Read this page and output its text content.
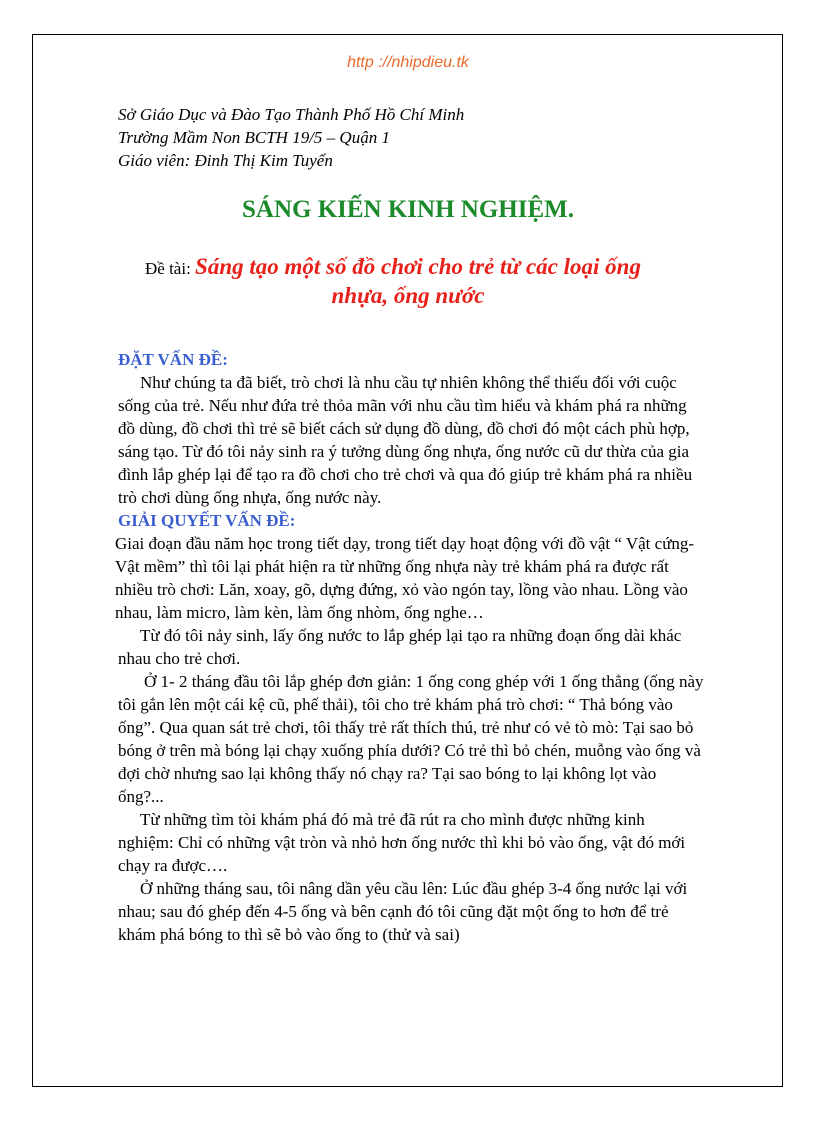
http ://nhipdieu.tk
Sở Giáo Dục và Đào Tạo Thành Phố Hồ Chí Minh
Trường Mầm Non BCTH 19/5 – Quận 1
Giáo viên: Đinh Thị Kim Tuyến
SÁNG KIẾN KINH NGHIỆM.
Đề tài: Sáng tạo một số đồ chơi cho trẻ từ các loại ống
nhựa, ống nước
ĐẶT VẤN ĐỀ:

Như chúng ta đã biết, trò chơi là nhu cầu tự nhiên không thể thiếu đối với cuộc sống của trẻ. Nếu như đứa trẻ thỏa mãn với nhu cầu tìm hiểu và khám phá ra những đồ dùng, đồ chơi thì trẻ sẽ biết cách sử dụng đồ dùng, đồ chơi đó một cách phù hợp, sáng tạo. Từ đó tôi nảy sinh ra ý tưởng dùng ống nhựa, ống nước cũ dư thừa của gia đình lắp ghép lại để tạo ra đồ chơi cho trẻ chơi và qua đó giúp trẻ khám phá ra nhiều trò chơi dùng ống nhựa, ống nước này.

GIẢI QUYẾT VẤN ĐỀ:

Giai đoạn đầu năm học trong tiết dạy, trong tiết dạy hoạt động với đồ vật “ Vật cứng- Vật mềm” thì tôi lại phát hiện ra từ những ống nhựa này trẻ khám phá ra được rất nhiều trò chơi: Lăn, xoay, gõ, dựng đứng, xỏ vào ngón tay, lồng vào nhau. Lồng vào nhau, làm micro, làm kèn, làm ống nhòm, ống nghe…

Từ đó tôi nảy sinh, lấy ống nước to lắp ghép lại tạo ra những đoạn ống dài khác nhau cho trẻ chơi.

Ở 1- 2 tháng đầu tôi lắp ghép đơn giản: 1 ống cong ghép với 1 ống thẳng (ống này tôi gắn lên một cái kệ cũ, phế thải), tôi cho trẻ khám phá trò chơi: “ Thả bóng vào ống”. Qua quan sát trẻ chơi, tôi thấy trẻ rất thích thú, trẻ như có vẻ tò mò: Tại sao bỏ bóng ở trên mà bóng lại chạy xuống phía dưới? Có trẻ thì bỏ chén, muỗng vào ống và đợi chờ nhưng sao lại không thấy nó chạy ra? Tại sao bóng to lại không lọt vào ống?...

Từ những tìm tòi khám phá đó mà trẻ đã rút ra cho mình được những kinh nghiệm: Chỉ có những vật tròn và nhỏ hơn ống nước thì khi bỏ vào ống, vật đó mới chạy ra được….

Ở những tháng sau, tôi nâng dần yêu cầu lên: Lúc đầu ghép 3-4 ống nước lại với nhau; sau đó ghép đến 4-5 ống và bên cạnh đó tôi cũng đặt một ống to hơn để trẻ khám phá bóng to thì sẽ bỏ vào ống to (thử và sai)
